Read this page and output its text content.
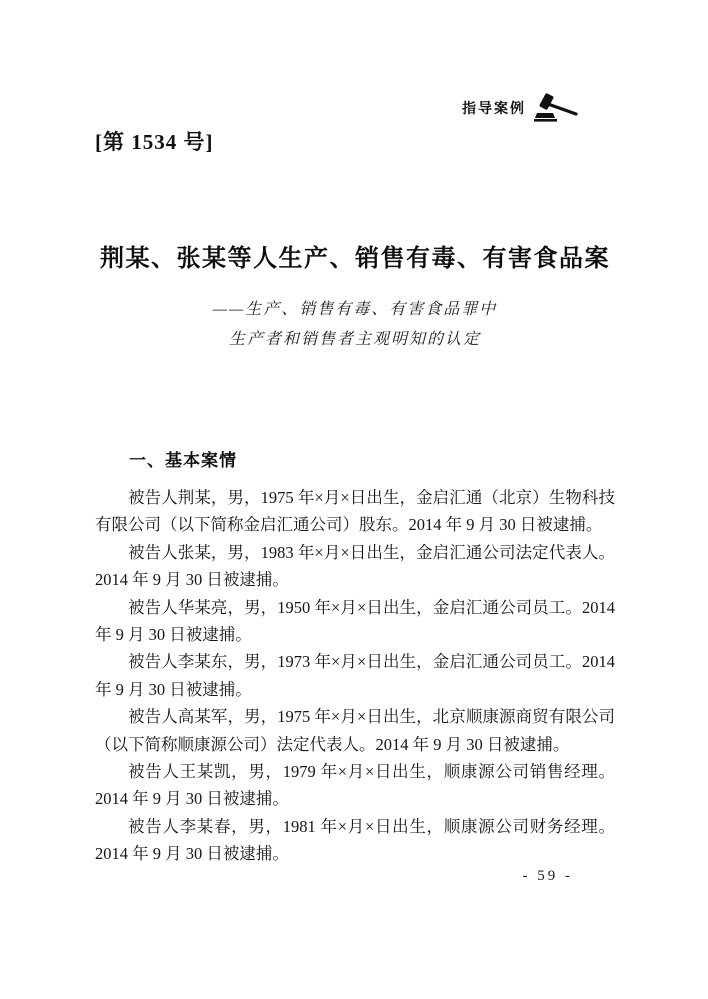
指导案例
[第 1534 号]
荆某、张某等人生产、销售有毒、有害食品案
——生产、销售有毒、有害食品罪中
生产者和销售者主观明知的认定
一、基本案情

被告人荆某，男，1975 年×月×日出生，金启汇通（北京）生物科技有限公司（以下简称金启汇通公司）股东。2014 年 9 月 30 日被逮捕。

被告人张某，男，1983 年×月×日出生，金启汇通公司法定代表人。2014 年 9 月 30 日被逮捕。

被告人华某亮，男，1950 年×月×日出生，金启汇通公司员工。2014 年 9 月 30 日被逮捕。

被告人李某东，男，1973 年×月×日出生，金启汇通公司员工。2014 年 9 月 30 日被逮捕。

被告人高某军，男，1975 年×月×日出生，北京顺康源商贸有限公司（以下简称顺康源公司）法定代表人。2014 年 9 月 30 日被逮捕。

被告人王某凯，男，1979 年×月×日出生，顺康源公司销售经理。2014 年 9 月 30 日被逮捕。

被告人李某春，男，1981 年×月×日出生，顺康源公司财务经理。2014 年 9 月 30 日被逮捕。

- 59 -
